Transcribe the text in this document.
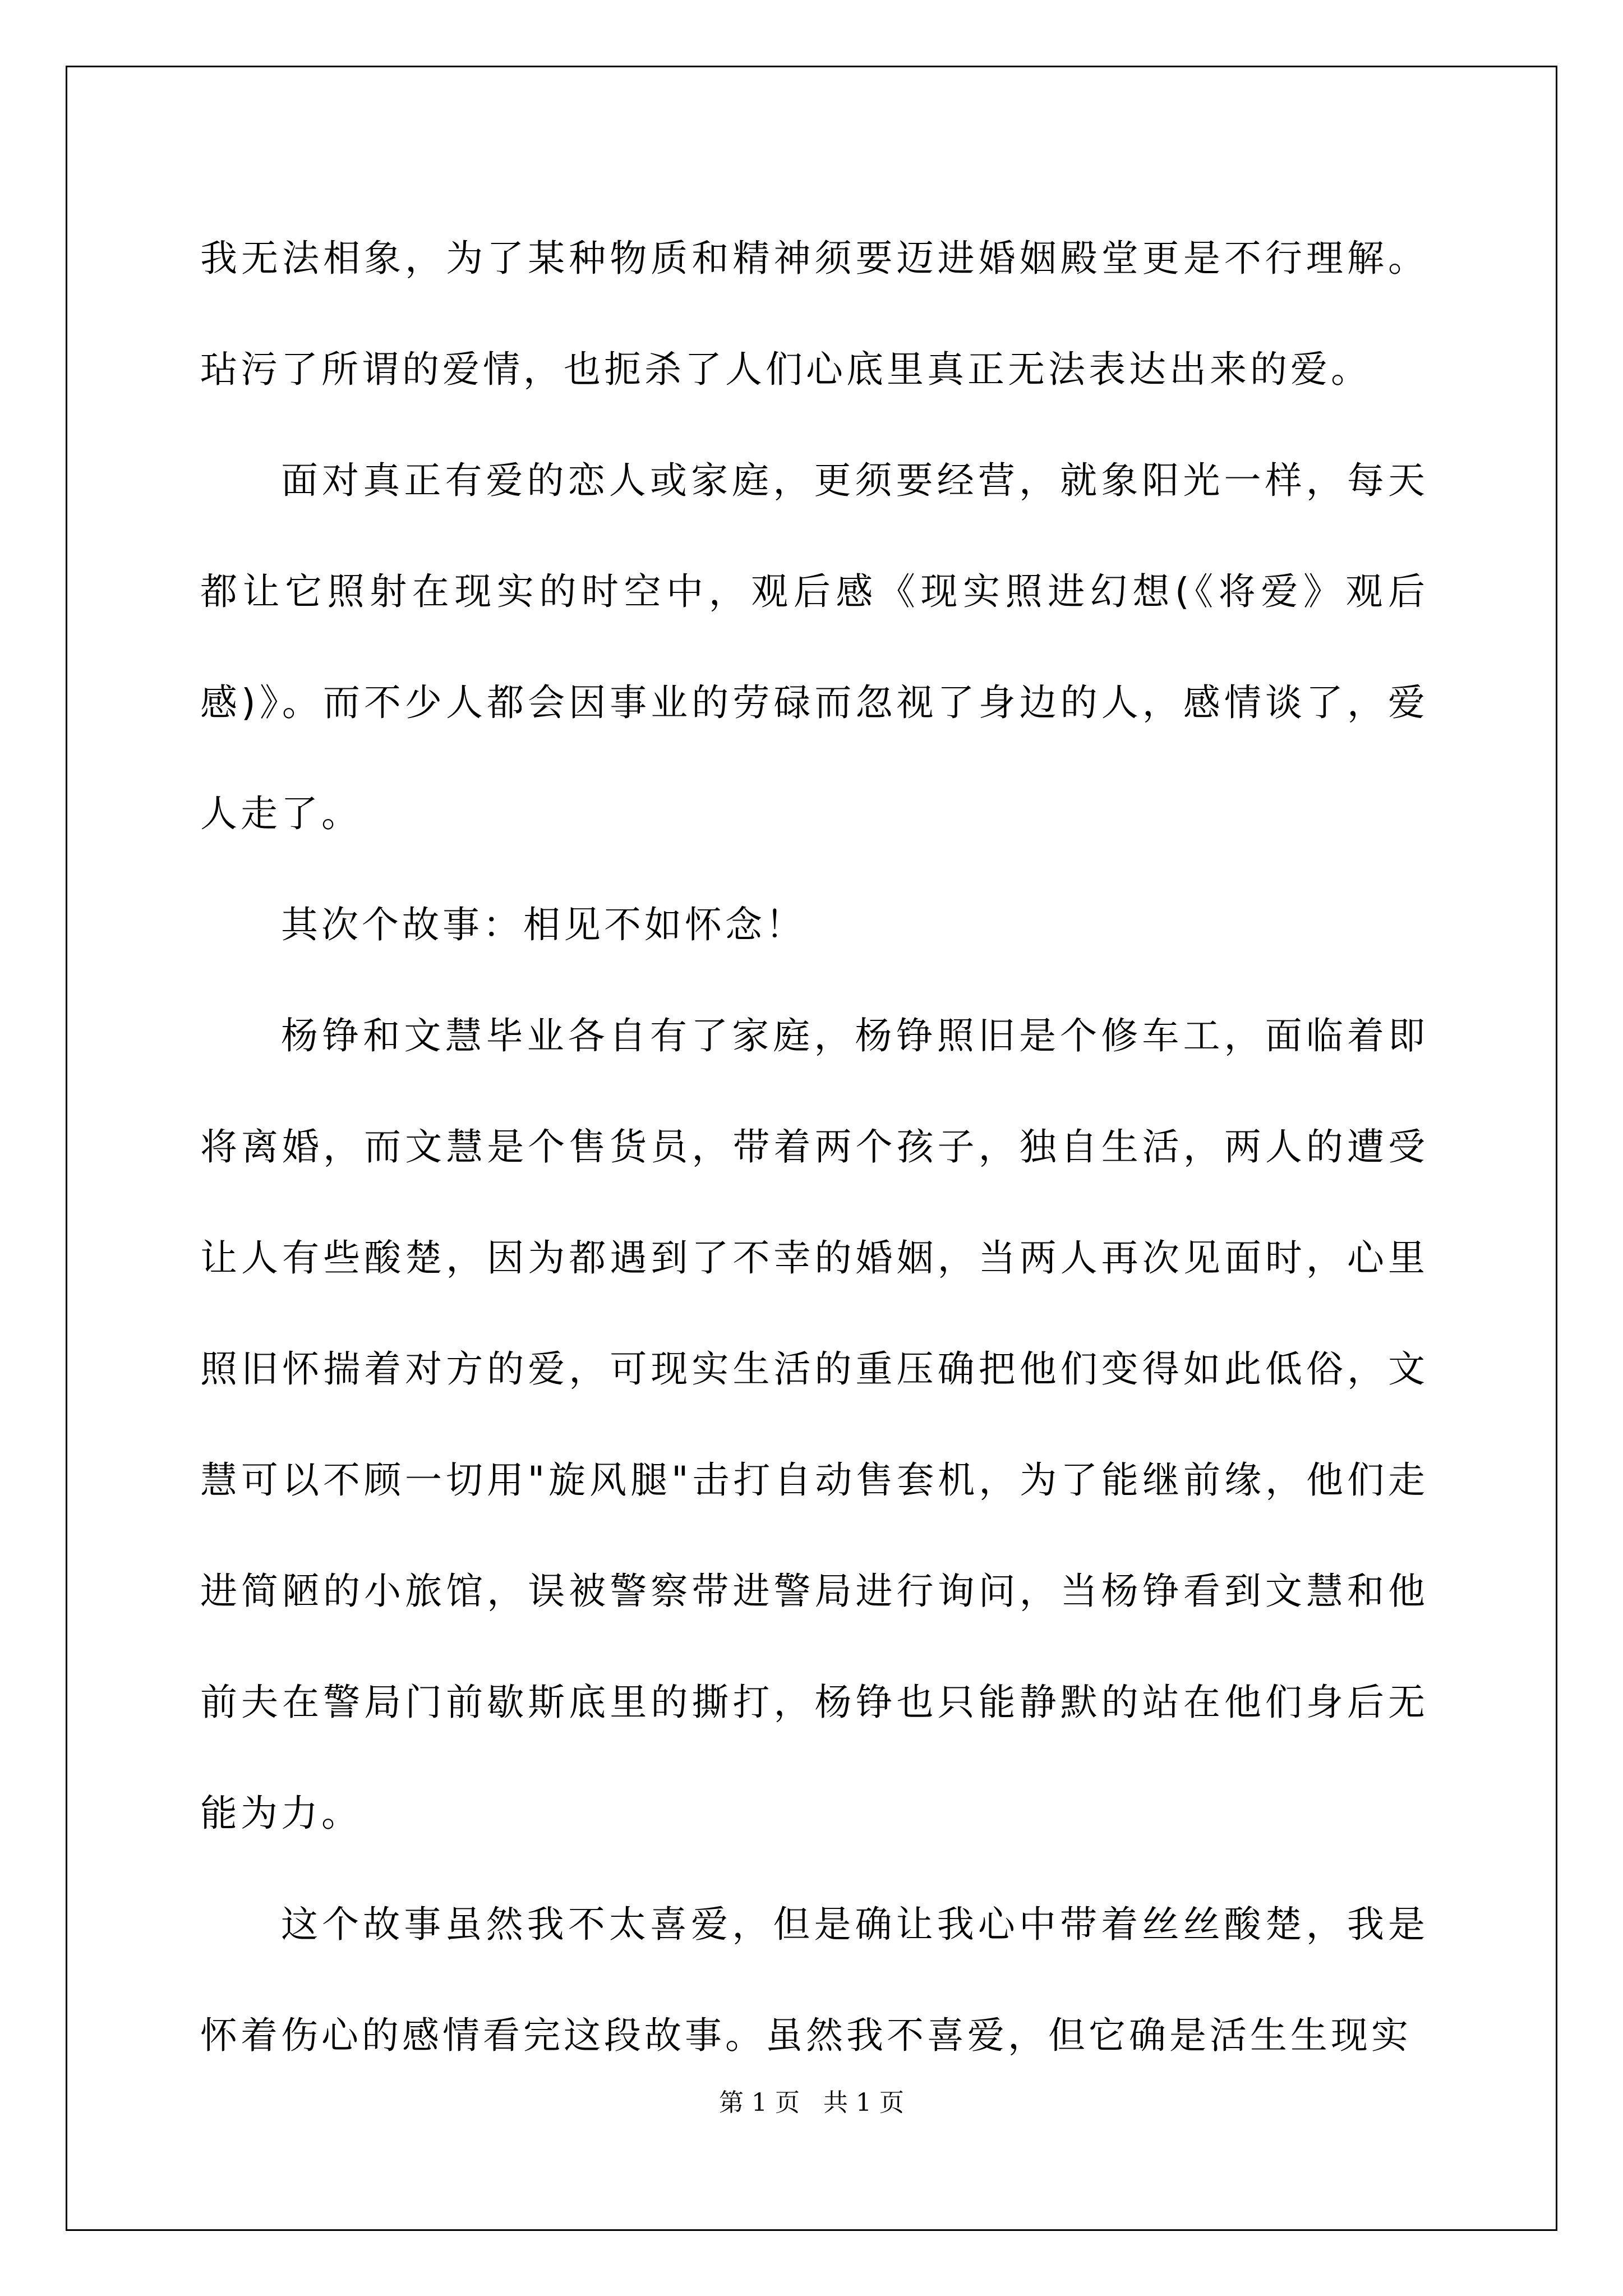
我无法相象，为了某种物质和精神须要迈进婚姻殿堂更是不行理解。玷污了所谓的爱情，也扼杀了人们心底里真正无法表达出来的爱。

面对真正有爱的恋人或家庭，更须要经营，就象阳光一样，每天都让它照射在现实的时空中，观后感《现实照进幻想(《将爱》观后感)》。而不少人都会因事业的劳碌而忽视了身边的人，感情谈了，爱人走了。

其次个故事：相见不如怀念！

杨铮和文慧毕业各自有了家庭，杨铮照旧是个修车工，面临着即将离婚，而文慧是个售货员，带着两个孩子，独自生活，两人的遭受让人有些酸楚，因为都遇到了不幸的婚姻，当两人再次见面时，心里照旧怀揣着对方的爱，可现实生活的重压确把他们变得如此低俗，文慧可以不顾一切用"旋风腿"击打自动售套机，为了能继前缘，他们走进简陋的小旅馆，误被警察带进警局进行询问，当杨铮看到文慧和他前夫在警局门前歇斯底里的撕打，杨铮也只能静默的站在他们身后无能为力。

这个故事虽然我不太喜爱，但是确让我心中带着丝丝酸楚，我是怀着伤心的感情看完这段故事。虽然我不喜爱，但它确是活生生现实

第 1 页   共 1 页
